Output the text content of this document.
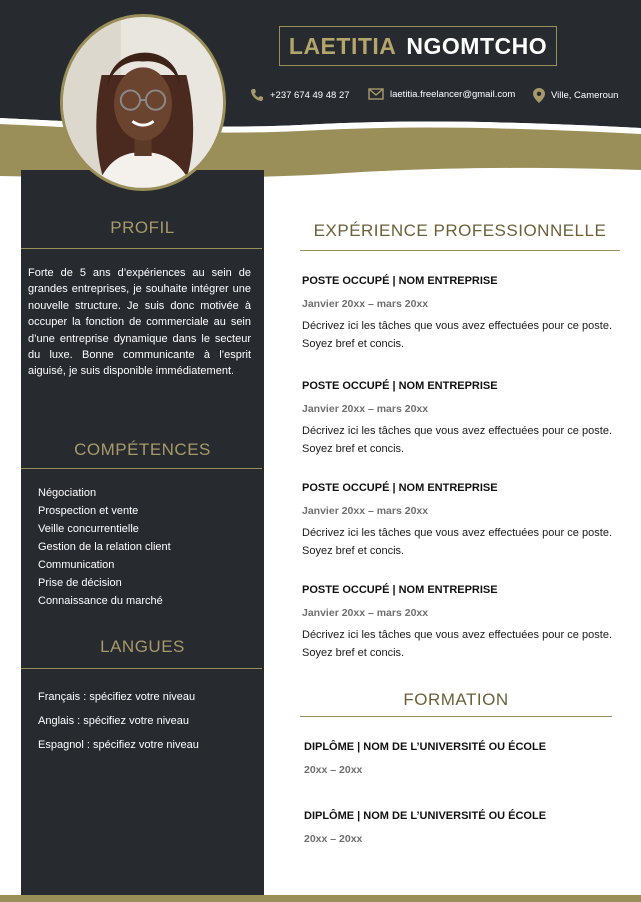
LAETITIA NGOMTCHO
+237 674 49 48 27	laetitia.freelancer@gmail.com	Ville, Cameroun
PROFIL
Forte de 5 ans d’expériences au sein de grandes entreprises, je souhaite intégrer une nouvelle structure. Je suis donc motivée à occuper la fonction de commerciale au sein d’une entreprise dynamique dans le secteur du luxe. Bonne communicante à l’esprit aiguisé, je suis disponible immédiatement.
COMPÉTENCES
Négociation
Prospection et vente
Veille concurrentielle
Gestion de la relation client
Communication
Prise de décision
Connaissance du marché
LANGUES
Français : spécifiez votre niveau
Anglais : spécifiez votre niveau
Espagnol : spécifiez votre niveau
EXPÉRIENCE PROFESSIONNELLE
POSTE OCCUPÉ | NOM ENTREPRISE
Janvier 20xx – mars 20xx
Décrivez ici les tâches que vous avez effectuées pour ce poste. Soyez bref et concis.
POSTE OCCUPÉ | NOM ENTREPRISE
Janvier 20xx – mars 20xx
Décrivez ici les tâches que vous avez effectuées pour ce poste. Soyez bref et concis.
POSTE OCCUPÉ | NOM ENTREPRISE
Janvier 20xx – mars 20xx
Décrivez ici les tâches que vous avez effectuées pour ce poste. Soyez bref et concis.
POSTE OCCUPÉ | NOM ENTREPRISE
Janvier 20xx – mars 20xx
Décrivez ici les tâches que vous avez effectuées pour ce poste. Soyez bref et concis.
FORMATION
DIPLÔME | NOM DE L’UNIVERSITÉ OU ÉCOLE
20xx – 20xx
DIPLÔME | NOM DE L’UNIVERSITÉ OU ÉCOLE
20xx – 20xx
